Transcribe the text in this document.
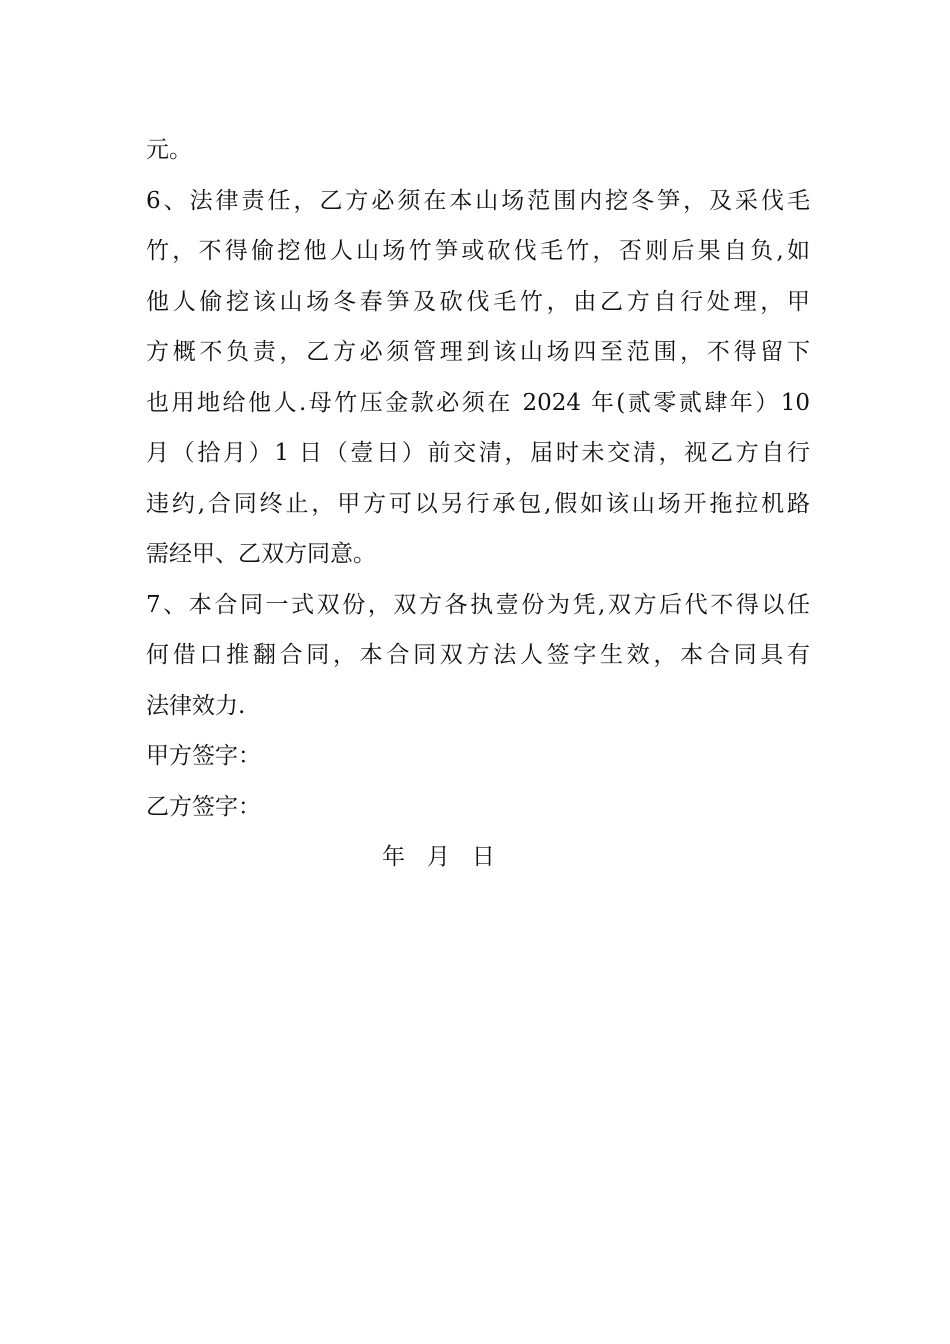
元。
6、法律责任，乙方必须在本山场范围内挖冬笋，及采伐毛
竹，不得偷挖他人山场竹笋或砍伐毛竹，否则后果自负,如
他人偷挖该山场冬春笋及砍伐毛竹，由乙方自行处理，甲
方概不负责，乙方必须管理到该山场四至范围，不得留下
也用地给他人.母竹压金款必须在 2024 年(贰零贰肆年）10
月（拾月）1 日（壹日）前交清，届时未交清，视乙方自行
违约,合同终止，甲方可以另行承包,假如该山场开拖拉机路
需经甲、乙双方同意。
7、本合同一式双份，双方各执壹份为凭,双方后代不得以任
何借口推翻合同，本合同双方法人签字生效，本合同具有
法律效力.
甲方签字：
乙方签字：
年   月   日
